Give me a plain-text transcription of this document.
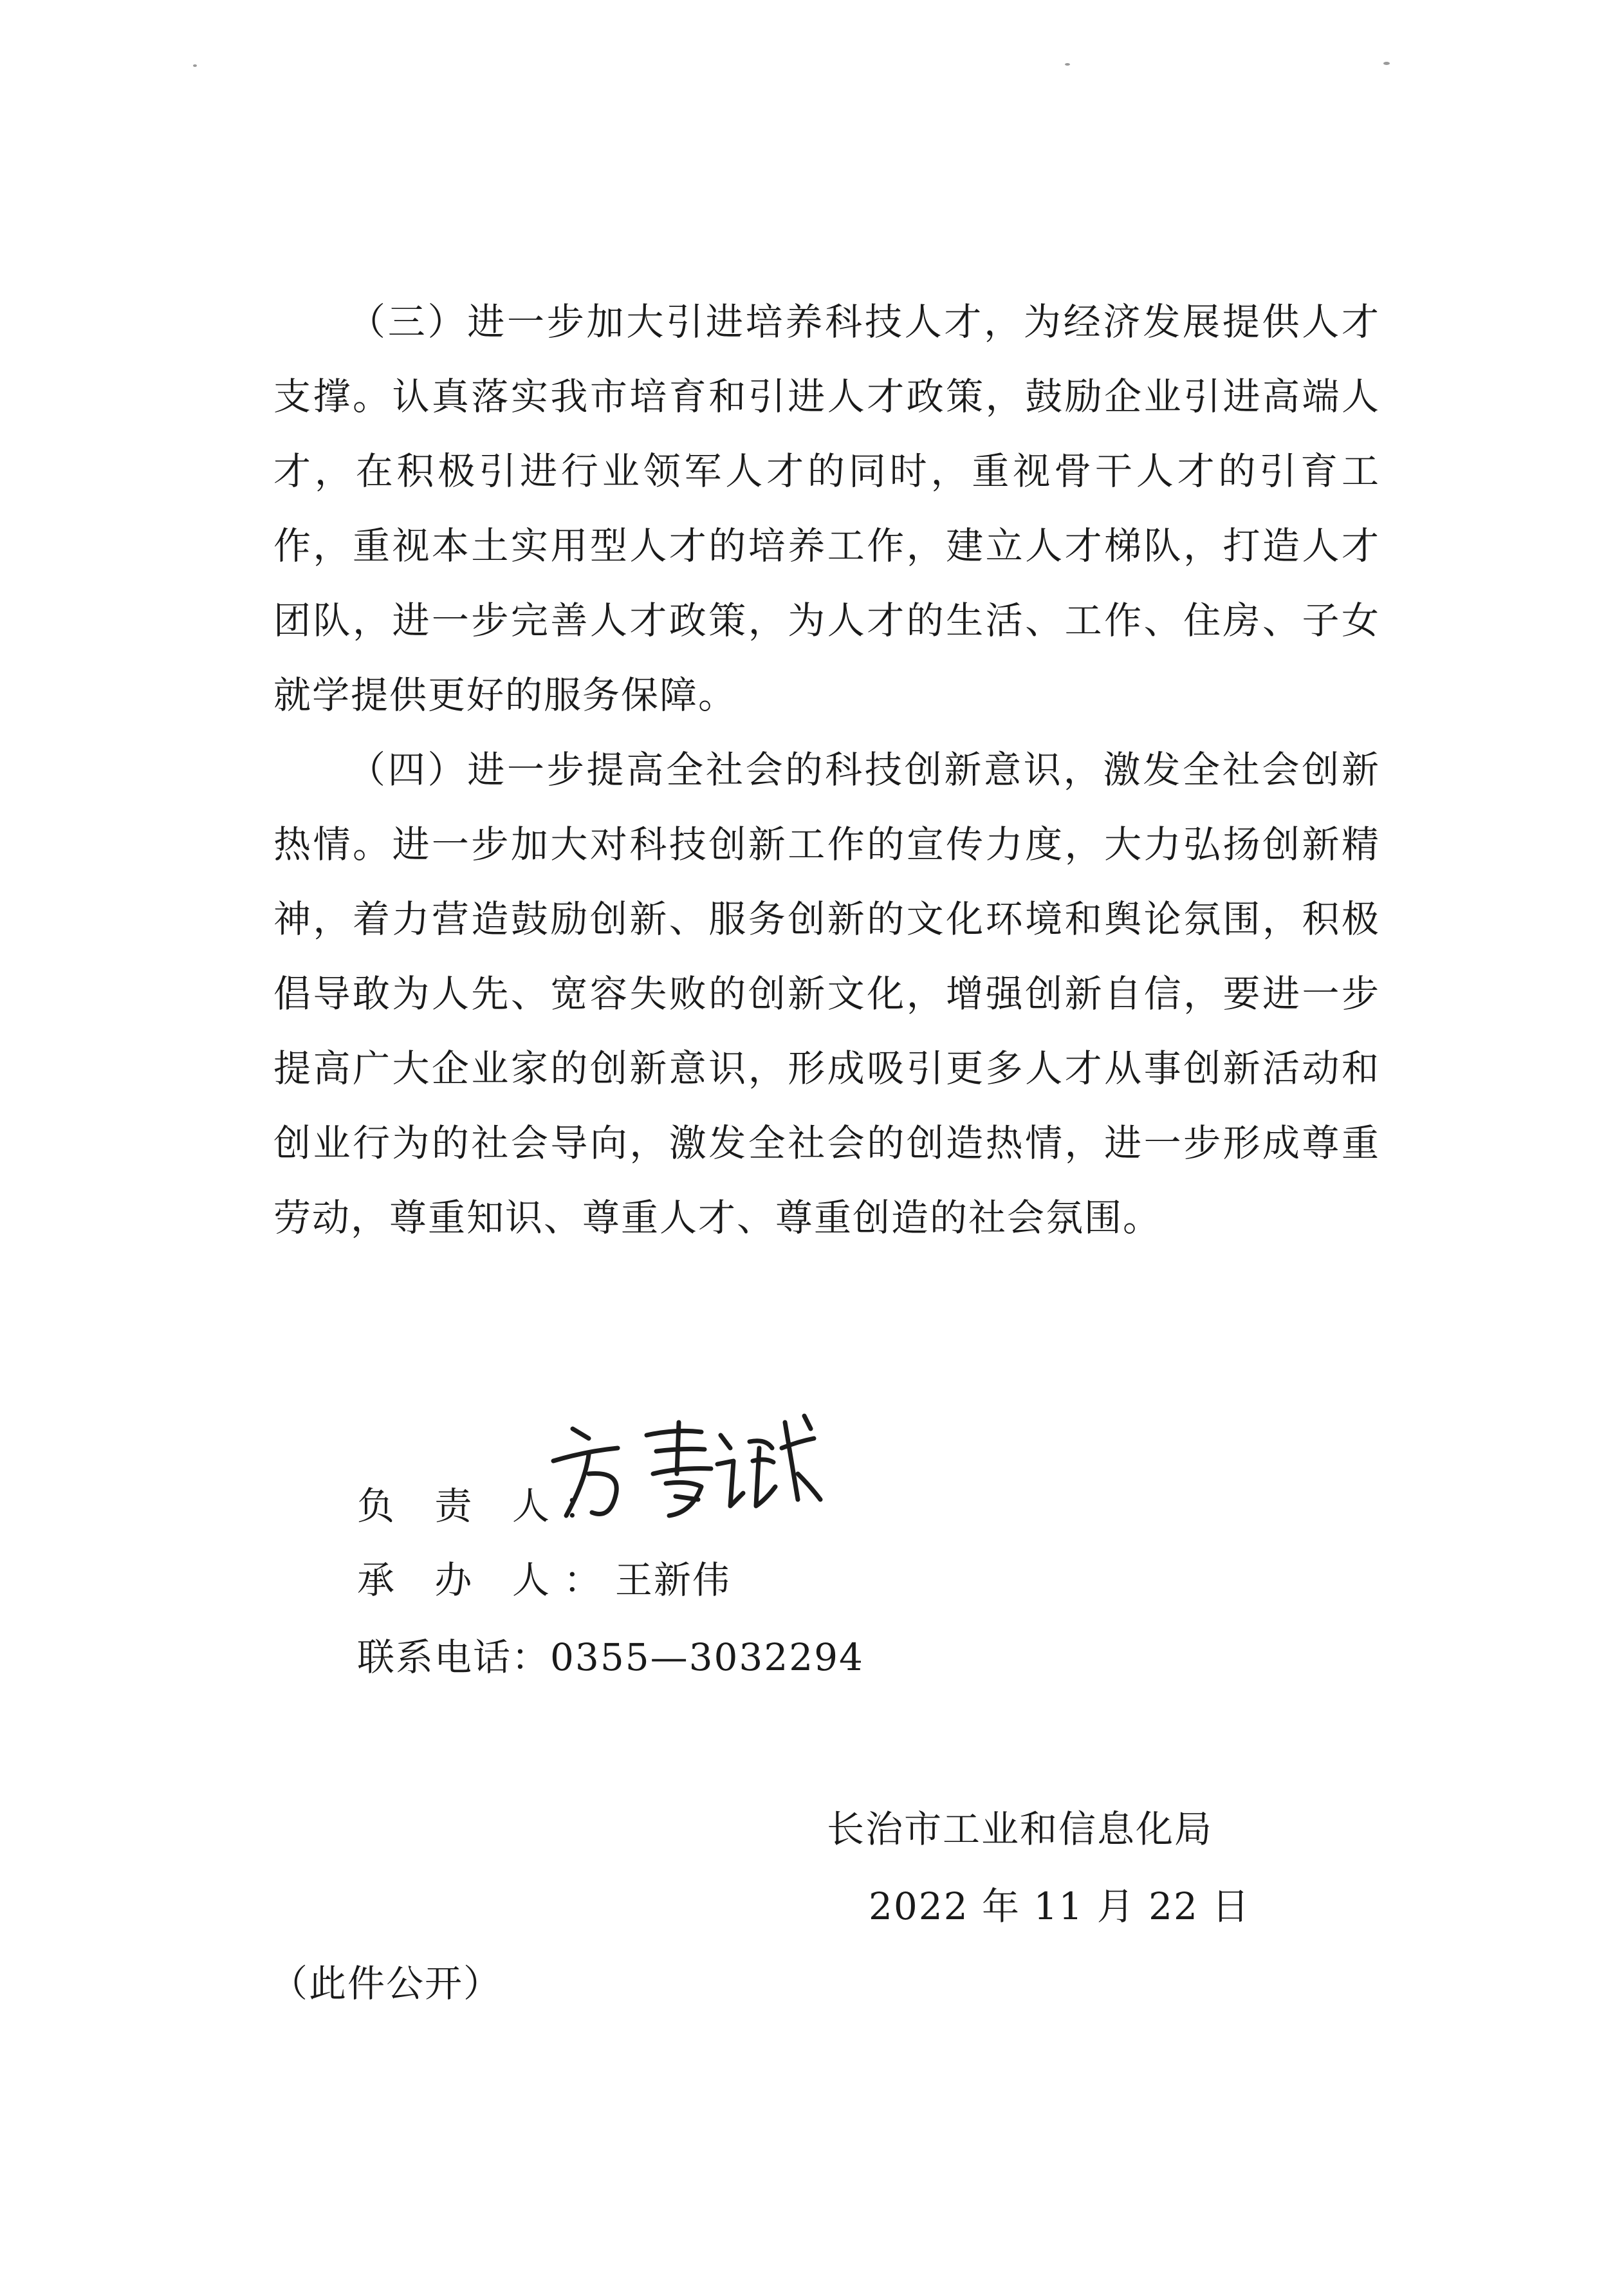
（三）进一步加大引进培养科技人才，为经济发展提供人才支撑。认真落实我市培育和引进人才政策，鼓励企业引进高端人才，在积极引进行业领军人才的同时，重视骨干人才的引育工作，重视本土实用型人才的培养工作，建立人才梯队，打造人才团队，进一步完善人才政策，为人才的生活、工作、住房、子女就学提供更好的服务保障。

（四）进一步提高全社会的科技创新意识，激发全社会创新热情。进一步加大对科技创新工作的宣传力度，大力弘扬创新精神，着力营造鼓励创新、服务创新的文化环境和舆论氛围，积极倡导敢为人先、宽容失败的创新文化，增强创新自信，要进一步提高广大企业家的创新意识，形成吸引更多人才从事创新活动和创业行为的社会导向，激发全社会的创造热情，进一步形成尊重劳动，尊重知识、尊重人才、尊重创造的社会氛围。

负 责 人：
承 办 人：王新伟
联系电话：0355—3032294
长治市工业和信息化局
2022 年 11 月 22 日
（此件公开）
